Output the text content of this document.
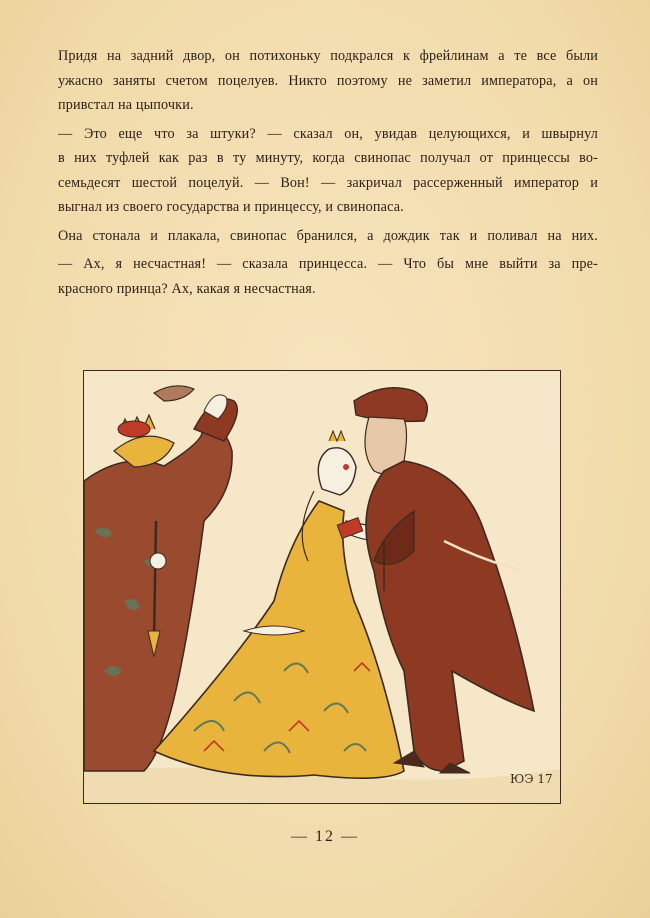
Придя на задний двор, он потихоньку подкрался к фрейлинам а те все были
ужасно заняты счетом поцелуев. Никто поэтому не заметил императора, а он
привстал на цыпочки.

— Это еще что за штуки? — сказал он, увидав целующихся, и швырнул
в них туфлей как раз в ту минуту, когда свинопас получал от принцессы во-
семьдесят шестой поцелуй. — Вон! — закричал рассерженный император и
выгнал из своего государства и принцессу, и свинопаса.

Она стонала и плакала, свинопас бранился, а дождик так и поливал на них.

— Ах, я несчастная! — сказала принцесса. — Что бы мне выйти за пре-
красного принца? Ах, какая я несчастная.

ЮЭ 17
— 12 —
